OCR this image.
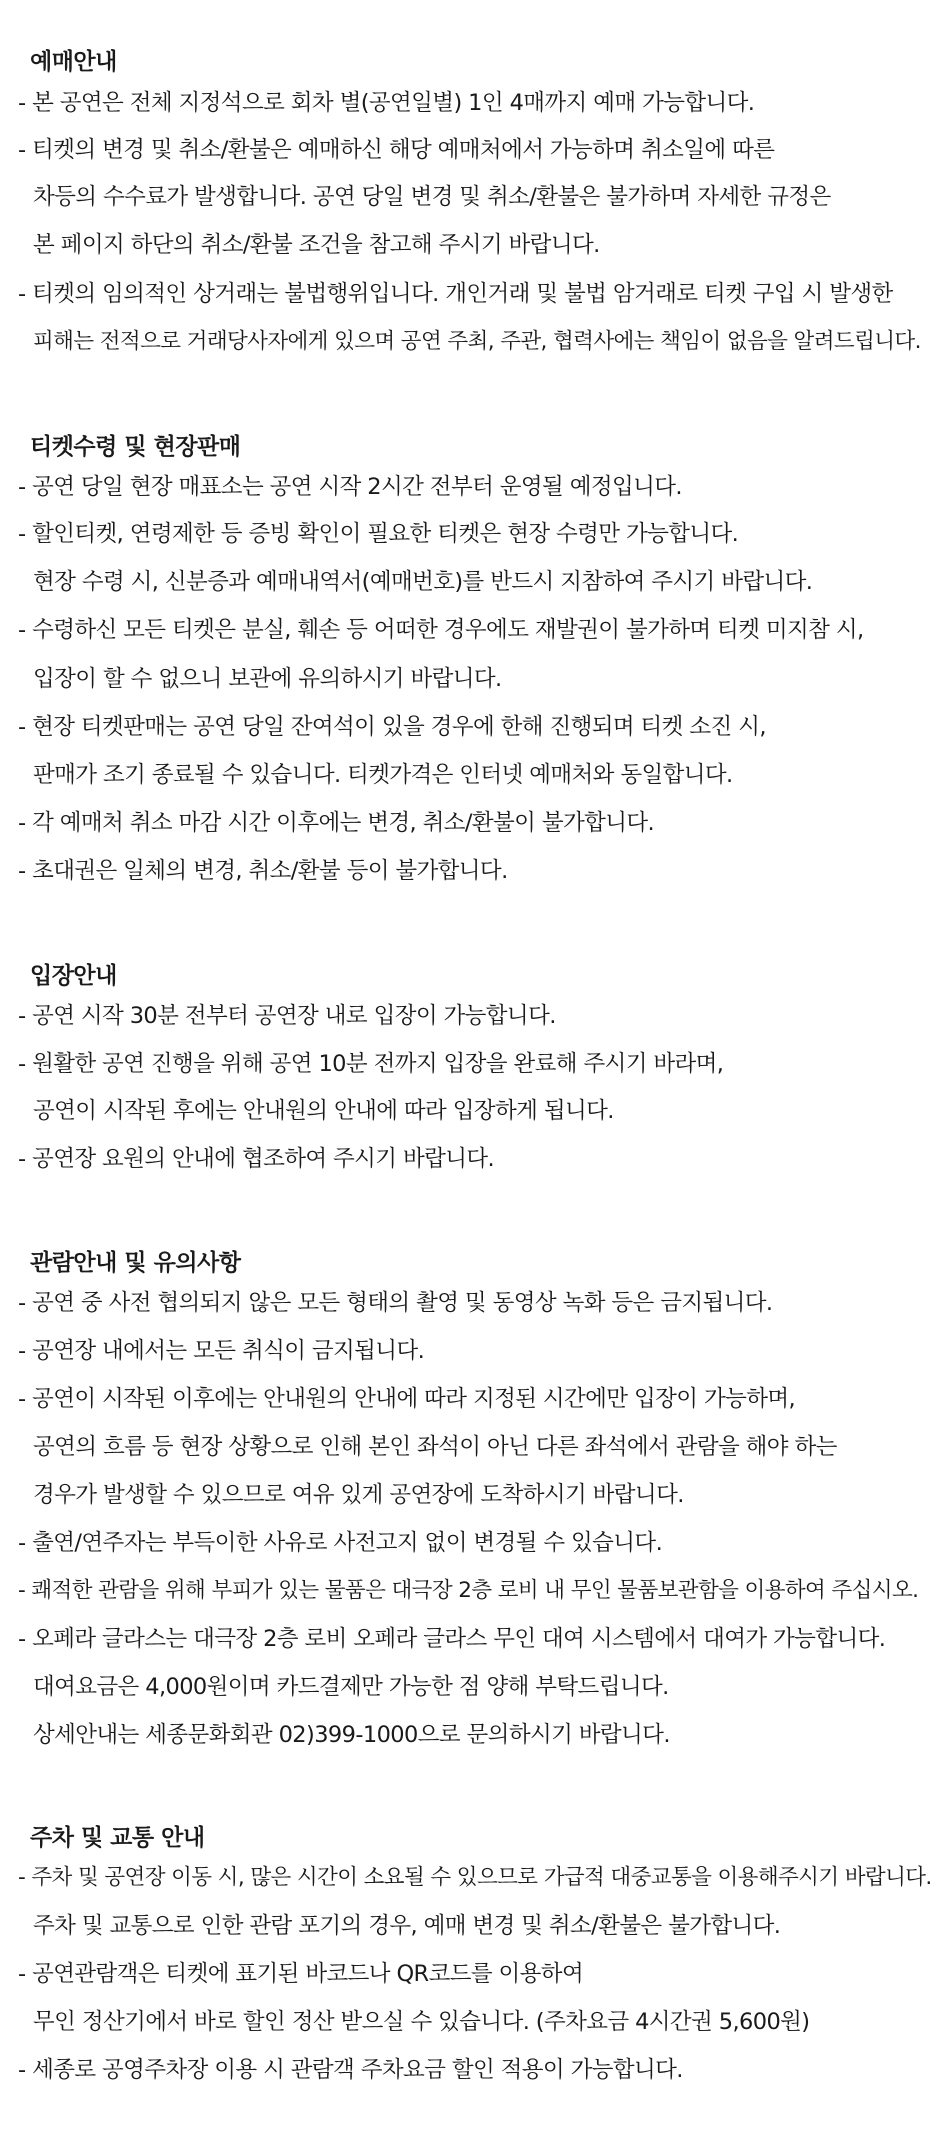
예매안내
- 본 공연은 전체 지정석으로 회차 별(공연일별) 1인 4매까지 예매 가능합니다.
- 티켓의 변경 및 취소/환불은 예매하신 해당 예매처에서 가능하며 취소일에 따른
차등의 수수료가 발생합니다. 공연 당일 변경 및 취소/환불은 불가하며 자세한 규정은
본 페이지 하단의 취소/환불 조건을 참고해 주시기 바랍니다.
- 티켓의 임의적인 상거래는 불법행위입니다. 개인거래 및 불법 암거래로 티켓 구입 시 발생한
피해는 전적으로 거래당사자에게 있으며 공연 주최, 주관, 협력사에는 책임이 없음을 알려드립니다.
티켓수령 및 현장판매
- 공연 당일 현장 매표소는 공연 시작 2시간 전부터 운영될 예정입니다.
- 할인티켓, 연령제한 등 증빙 확인이 필요한 티켓은 현장 수령만 가능합니다.
현장 수령 시, 신분증과 예매내역서(예매번호)를 반드시 지참하여 주시기 바랍니다.
- 수령하신 모든 티켓은 분실, 훼손 등 어떠한 경우에도 재발권이 불가하며 티켓 미지참 시,
입장이 할 수 없으니 보관에 유의하시기 바랍니다.
- 현장 티켓판매는 공연 당일 잔여석이 있을 경우에 한해 진행되며 티켓 소진 시,
판매가 조기 종료될 수 있습니다. 티켓가격은 인터넷 예매처와 동일합니다.
- 각 예매처 취소 마감 시간 이후에는 변경, 취소/환불이 불가합니다.
- 초대권은 일체의 변경, 취소/환불 등이 불가합니다.
입장안내
- 공연 시작 30분 전부터 공연장 내로 입장이 가능합니다.
- 원활한 공연 진행을 위해 공연 10분 전까지 입장을 완료해 주시기 바라며,
공연이 시작된 후에는 안내원의 안내에 따라 입장하게 됩니다.
- 공연장 요원의 안내에 협조하여 주시기 바랍니다.
관람안내 및 유의사항
- 공연 중 사전 협의되지 않은 모든 형태의 촬영 및 동영상 녹화 등은 금지됩니다.
- 공연장 내에서는 모든 취식이 금지됩니다.
- 공연이 시작된 이후에는 안내원의 안내에 따라 지정된 시간에만 입장이 가능하며,
공연의 흐름 등 현장 상황으로 인해 본인 좌석이 아닌 다른 좌석에서 관람을 해야 하는
경우가 발생할 수 있으므로 여유 있게 공연장에 도착하시기 바랍니다.
- 출연/연주자는 부득이한 사유로 사전고지 없이 변경될 수 있습니다.
- 쾌적한 관람을 위해 부피가 있는 물품은 대극장 2층 로비 내 무인 물품보관함을 이용하여 주십시오.
- 오페라 글라스는 대극장 2층 로비 오페라 글라스 무인 대여 시스템에서 대여가 가능합니다.
대여요금은 4,000원이며 카드결제만 가능한 점 양해 부탁드립니다.
상세안내는 세종문화회관 02)399-1000으로 문의하시기 바랍니다.
주차 및 교통 안내
- 주차 및 공연장 이동 시, 많은 시간이 소요될 수 있으므로 가급적 대중교통을 이용해주시기 바랍니다.
주차 및 교통으로 인한 관람 포기의 경우, 예매 변경 및 취소/환불은 불가합니다.
- 공연관람객은 티켓에 표기된 바코드나 QR코드를 이용하여
무인 정산기에서 바로 할인 정산 받으실 수 있습니다. (주차요금 4시간권 5,600원)
- 세종로 공영주차장 이용 시 관람객 주차요금 할인 적용이 가능합니다.
